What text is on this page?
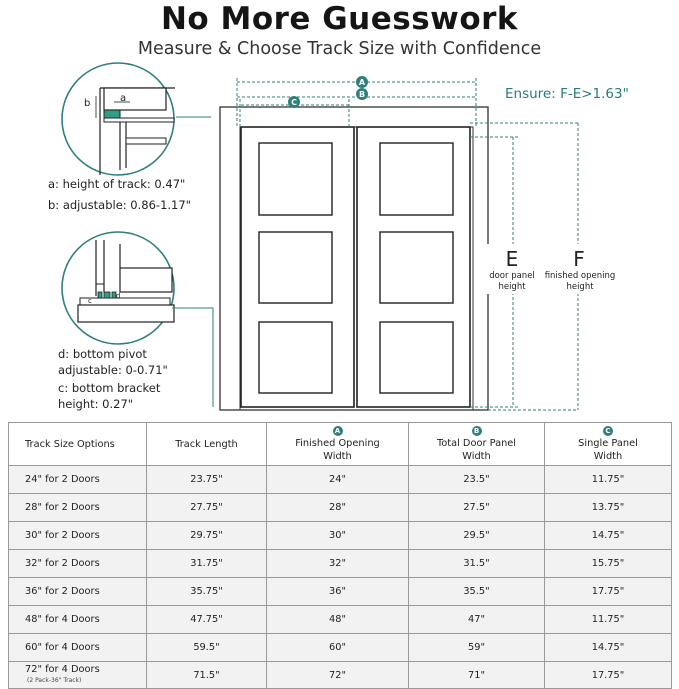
No More Guesswork
Measure & Choose Track Size with Confidence
b	a
c
d
A
B
C
E
door panel
height
F
finished opening
height
Ensure: F-E>1.63"
a: height of track: 0.47"
b: adjustable: 0.86-1.17"
d: bottom pivot
adjustable: 0-0.71"
c: bottom bracket
height: 0.27"
Track Size Options	Track Length	A
Finished Opening
Width	B
Total Door Panel
Width	C
Single Panel
Width
24" for 2 Doors	23.75"	24"	23.5"	11.75"
28" for 2 Doors	27.75"	28"	27.5"	13.75"
30" for 2 Doors	29.75"	30"	29.5"	14.75"
32" for 2 Doors	31.75"	32"	31.5"	15.75"
36" for 2 Doors	35.75"	36"	35.5"	17.75"
48" for 4 Doors	47.75"	48"	47"	11.75"
60" for 4 Doors	59.5"	60"	59"	14.75"
72" for 4 Doors
(2 Pack-36" Track)	71.5"	72"	71"	17.75"
